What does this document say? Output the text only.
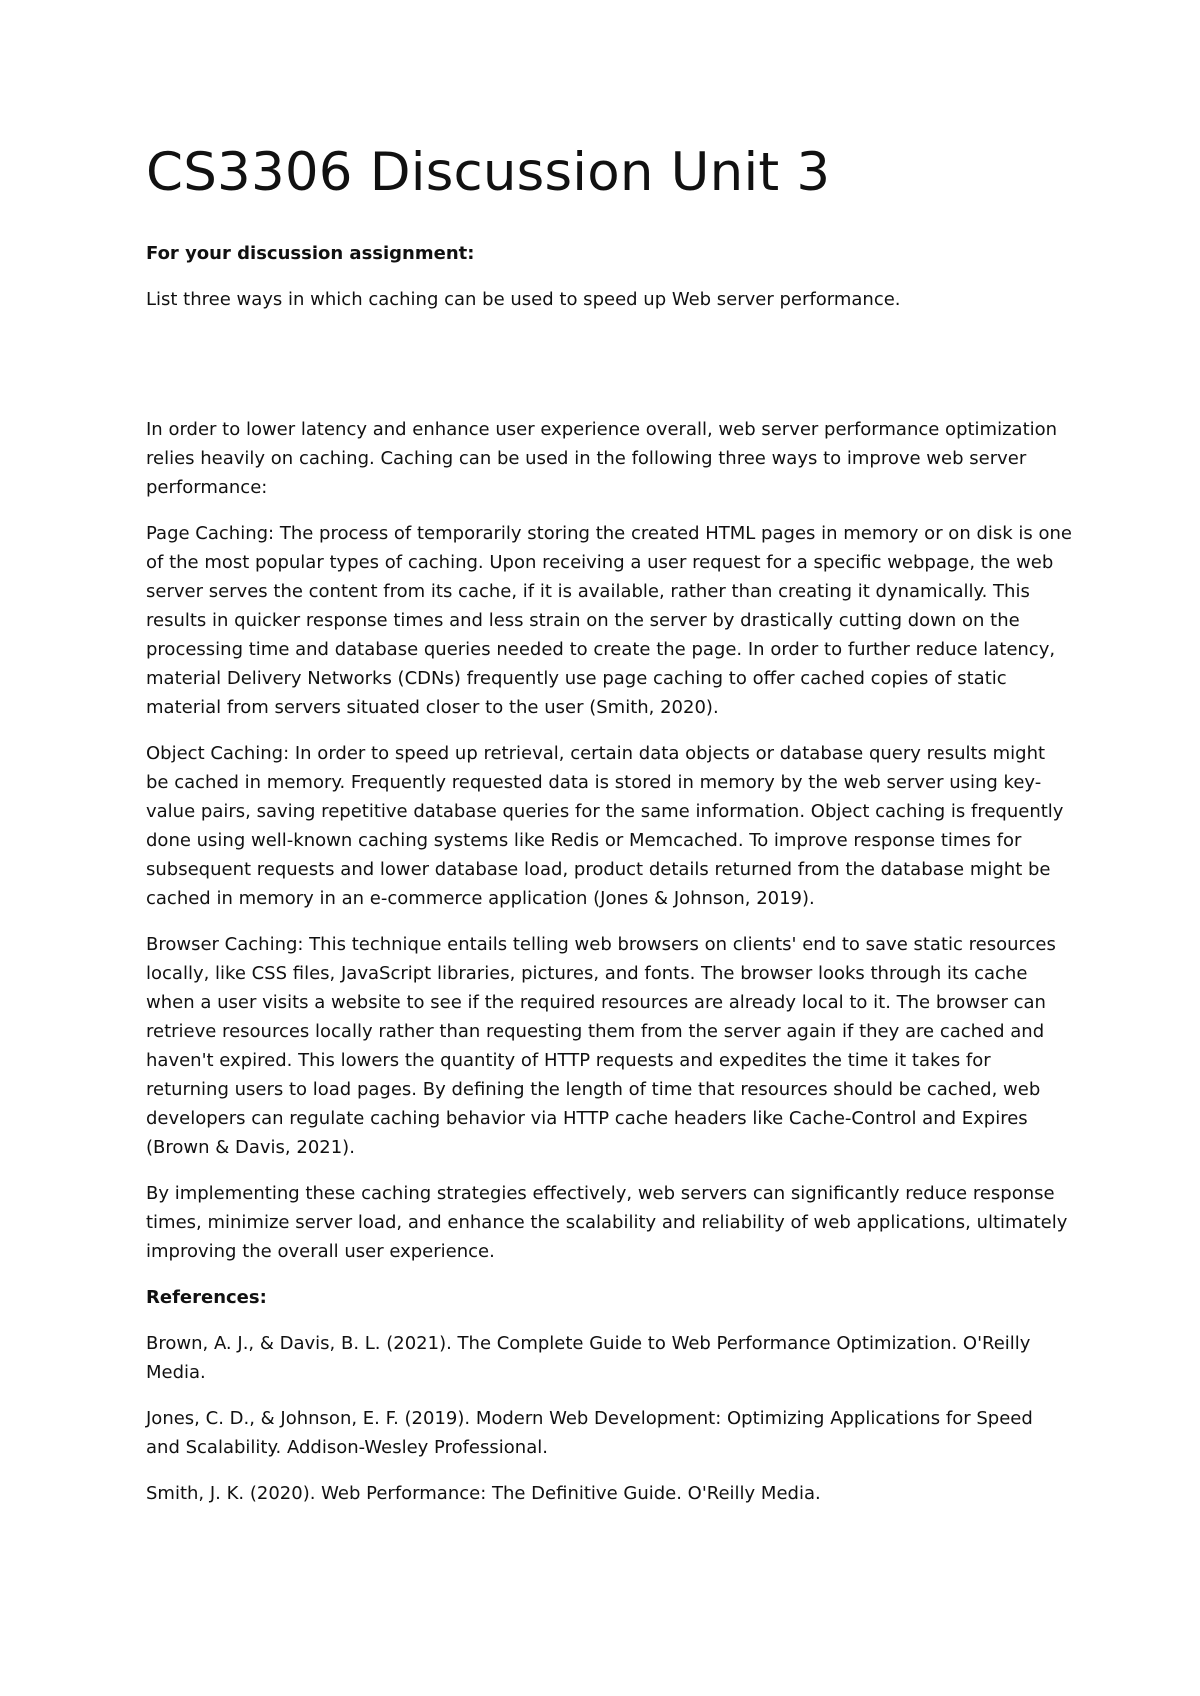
CS3306 Discussion Unit 3
For your discussion assignment:

List three ways in which caching can be used to speed up Web server performance.

In order to lower latency and enhance user experience overall, web server performance optimization relies heavily on caching. Caching can be used in the following three ways to improve web server performance:

Page Caching: The process of temporarily storing the created HTML pages in memory or on disk is one of the most popular types of caching. Upon receiving a user request for a specific webpage, the web server serves the content from its cache, if it is available, rather than creating it dynamically. This results in quicker response times and less strain on the server by drastically cutting down on the processing time and database queries needed to create the page. In order to further reduce latency, material Delivery Networks (CDNs) frequently use page caching to offer cached copies of static material from servers situated closer to the user (Smith, 2020).

Object Caching: In order to speed up retrieval, certain data objects or database query results might be cached in memory. Frequently requested data is stored in memory by the web server using key-value pairs, saving repetitive database queries for the same information. Object caching is frequently done using well-known caching systems like Redis or Memcached. To improve response times for subsequent requests and lower database load, product details returned from the database might be cached in memory in an e-commerce application (Jones & Johnson, 2019).

Browser Caching: This technique entails telling web browsers on clients' end to save static resources locally, like CSS files, JavaScript libraries, pictures, and fonts. The browser looks through its cache when a user visits a website to see if the required resources are already local to it. The browser can retrieve resources locally rather than requesting them from the server again if they are cached and haven't expired. This lowers the quantity of HTTP requests and expedites the time it takes for returning users to load pages. By defining the length of time that resources should be cached, web developers can regulate caching behavior via HTTP cache headers like Cache-Control and Expires (Brown & Davis, 2021).

By implementing these caching strategies effectively, web servers can significantly reduce response times, minimize server load, and enhance the scalability and reliability of web applications, ultimately improving the overall user experience.

References:

Brown, A. J., & Davis, B. L. (2021). The Complete Guide to Web Performance Optimization. O'Reilly Media.

Jones, C. D., & Johnson, E. F. (2019). Modern Web Development: Optimizing Applications for Speed and Scalability. Addison-Wesley Professional.

Smith, J. K. (2020). Web Performance: The Definitive Guide. O'Reilly Media.
